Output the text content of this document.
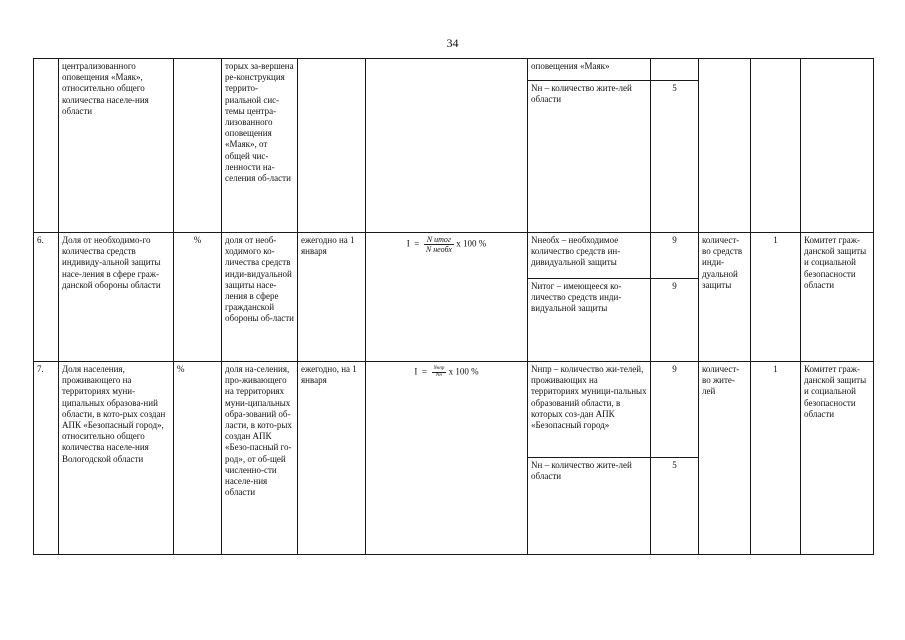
34
	централизованного оповещения «Маяк», относительно общего количества населе-ния области		торых за-вершена ре-конструкция террито-риальной сис-темы центра-лизованного оповещения «Маяк», от общей чис-ленности на-селения об-ласти			оповещения «Маяк»				
						Nн – количество жите-лей области	5			
6.	Доля от необходимо-го количества средств индивиду-альной защиты насе-ления в сфере граж-данской обороны области	%	доля от необ-ходимого ко-личества средств инди-видуальной защиты насе-ления в сфере гражданской обороны об-ласти	ежегодно на 1 января	$I = \frac{\text{N итог}}{\text{N необх}}$ x 100 %	Nнеобх – необходимое количество средств ин-дивидуальной защиты	9	количест-во средств инди-дуальной защиты	1	Комитет граж-данской защиты и социальной безопасности области
						Nитог – имеющееся ко-личество средств инди-видуальной защиты	9			
7.	Доля населения, проживающего на территориях муни-ципальных образова-ний области, в кото-рых создан АПК «Безопасный город», относительно общего количества населе-ния Вологодской области	%	доля на-селения, про-живающего на территориях муни-ципальных обра-зований об-ласти, в кото-рых создан АПК «Безо-пасный го-род», от об-щей численно-сти населе-ния области	ежегодно, на 1 января	$I = \frac{\text{Nнпр}}{Nн}$ x 100 %	Nнпр – количество жи-телей, проживающих на территориях муници-пальных образований области, в которых соз-дан АПК «Безопасный город»	9	количест-во жите-лей	1	Комитет граж-данской защиты и социальной безопасности области
						Nн – количество жите-лей области	5			
